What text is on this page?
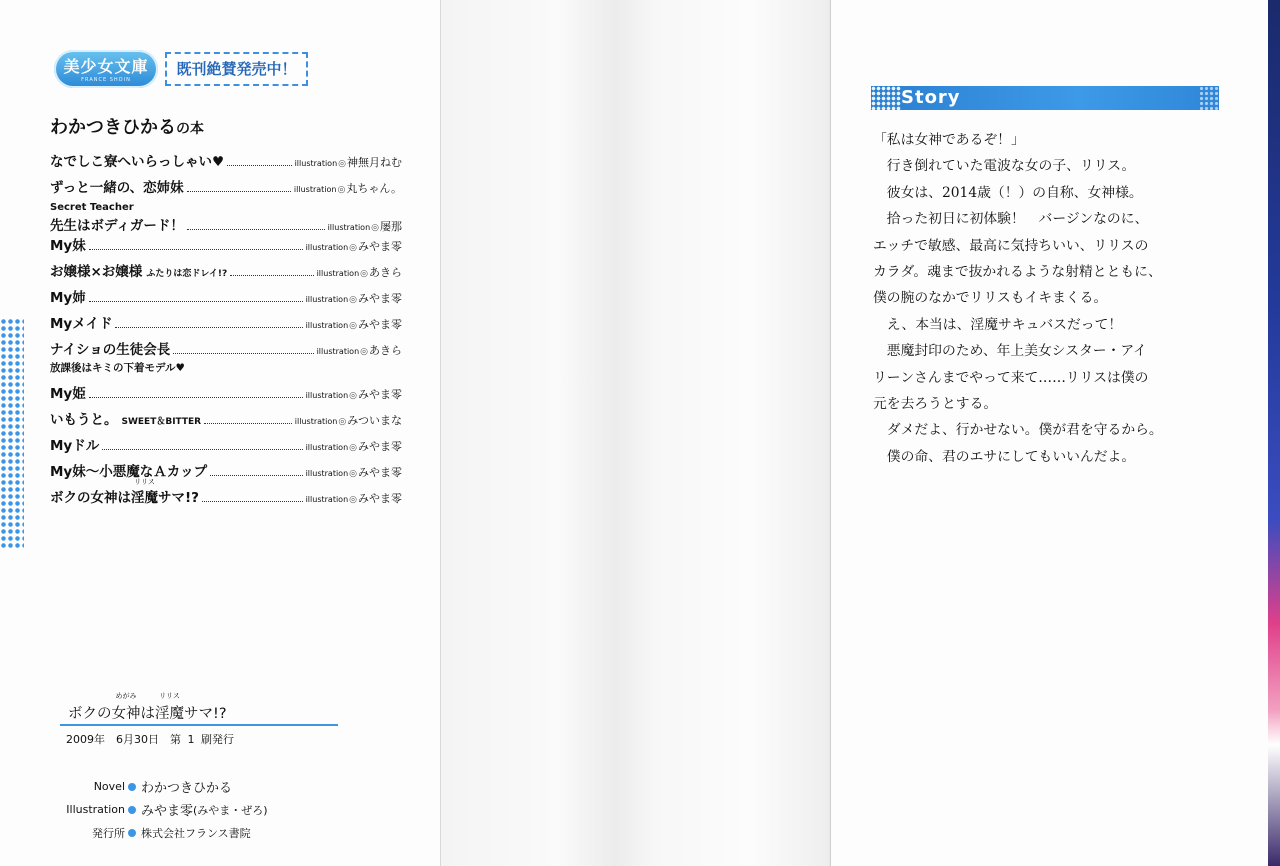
美少女文庫
FRANCE SHOIN
既刊絶賛発売中！
わかつきひかるの本
なでしこ寮へいらっしゃい♥	illustration ◎ 神無月ねむ
ずっと一緒の、恋姉妹	illustration ◎ 丸ちゃん。
Secret Teacher
先生はボディガード！	illustration ◎ 屡那
My妹	illustration ◎ みやま零
お嬢様×お嬢様 ふたりは恋ドレイ!?	illustration ◎ あきら
My姉	illustration ◎ みやま零
Myメイド	illustration ◎ みやま零
ナイショの生徒会長	illustration ◎ あきら
放課後はキミの下着モデル♥
My姫	illustration ◎ みやま零
いもうと。 SWEET＆BITTER	illustration ◎ みついまな
Myドル	illustration ◎ みやま零
My妹〜小悪魔なＡカップ	illustration ◎ みやま零
ボクの女神は
リリス
淫魔サマ!?	illustration ◎ みやま零
ボクの
めがみ
女神は
リリス
淫魔サマ!?
2009年　6月30日　第 1 刷発行
Novel わかつきひかる
Illustration みやま零 (みやま・ぜろ)
発行所 株式会社フランス書院
Story

「私は女神であるぞ！」

　行き倒れていた電波な女の子、リリス。

　彼女は、2014歳（！）の自称、女神様。

　拾った初日に初体験！　バージンなのに、

エッチで敏感、最高に気持ちいい、リリスの

カラダ。魂まで抜かれるような射精とともに、

僕の腕のなかでリリスもイキまくる。

　え、本当は、淫魔サキュバスだって！

　悪魔封印のため、年上美女シスター・アイ

リーンさんまでやって来て……リリスは僕の

元を去ろうとする。

　ダメだよ、行かせない。僕が君を守るから。

　僕の命、君のエサにしてもいいんだよ。
